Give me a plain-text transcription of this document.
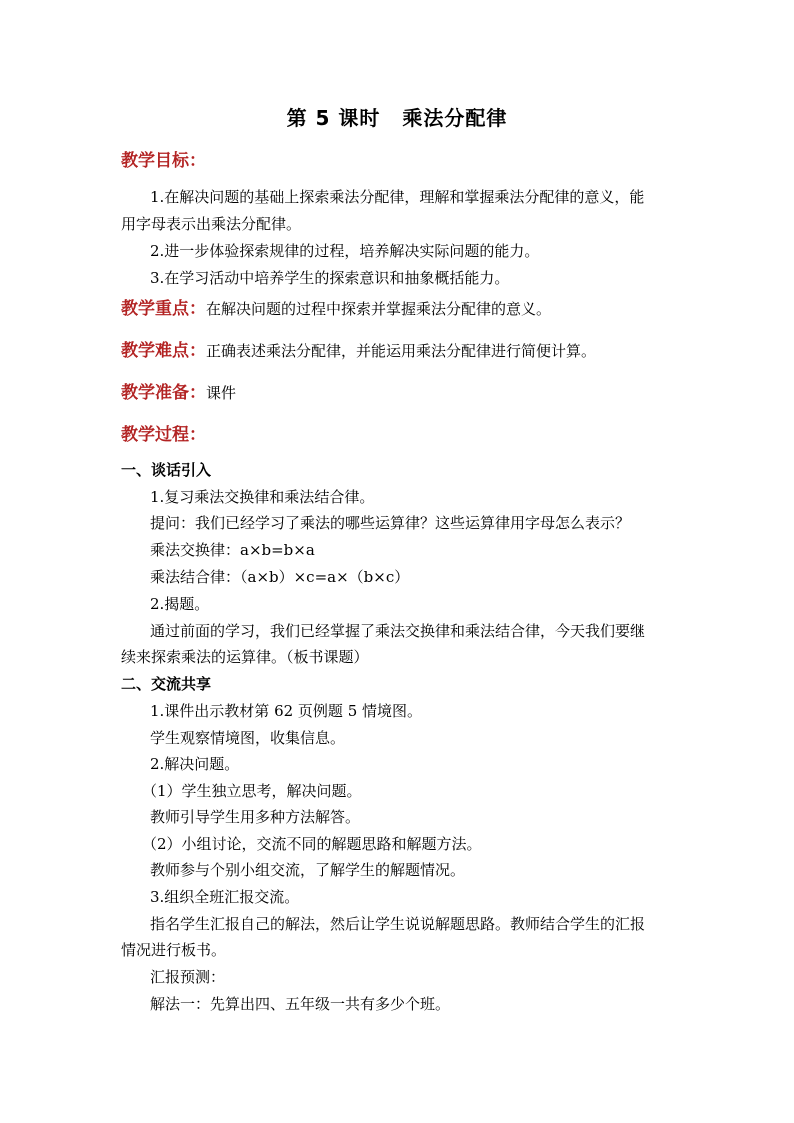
第 5 课时 乘法分配律
教学目标：
1.在解决问题的基础上探索乘法分配律，理解和掌握乘法分配律的意义，能
用字母表示出乘法分配律。
2.进一步体验探索规律的过程，培养解决实际问题的能力。
3.在学习活动中培养学生的探索意识和抽象概括能力。
教学重点：在解决问题的过程中探索并掌握乘法分配律的意义。
教学难点：正确表述乘法分配律，并能运用乘法分配律进行简便计算。
教学准备：课件
教学过程：
一、谈话引入
1.复习乘法交换律和乘法结合律。
提问：我们已经学习了乘法的哪些运算律？这些运算律用字母怎么表示？
乘法交换律：a×b=b×a
乘法结合律：（a×b）×c=a×（b×c）
2.揭题。
通过前面的学习，我们已经掌握了乘法交换律和乘法结合律，今天我们要继
续来探索乘法的运算律。（板书课题）
二、交流共享
1.课件出示教材第 62 页例题 5 情境图。
学生观察情境图，收集信息。
2.解决问题。
（1）学生独立思考，解决问题。
教师引导学生用多种方法解答。
（2）小组讨论，交流不同的解题思路和解题方法。
教师参与个别小组交流，了解学生的解题情况。
3.组织全班汇报交流。
指名学生汇报自己的解法，然后让学生说说解题思路。教师结合学生的汇报
情况进行板书。
汇报预测：
解法一：先算出四、五年级一共有多少个班。
